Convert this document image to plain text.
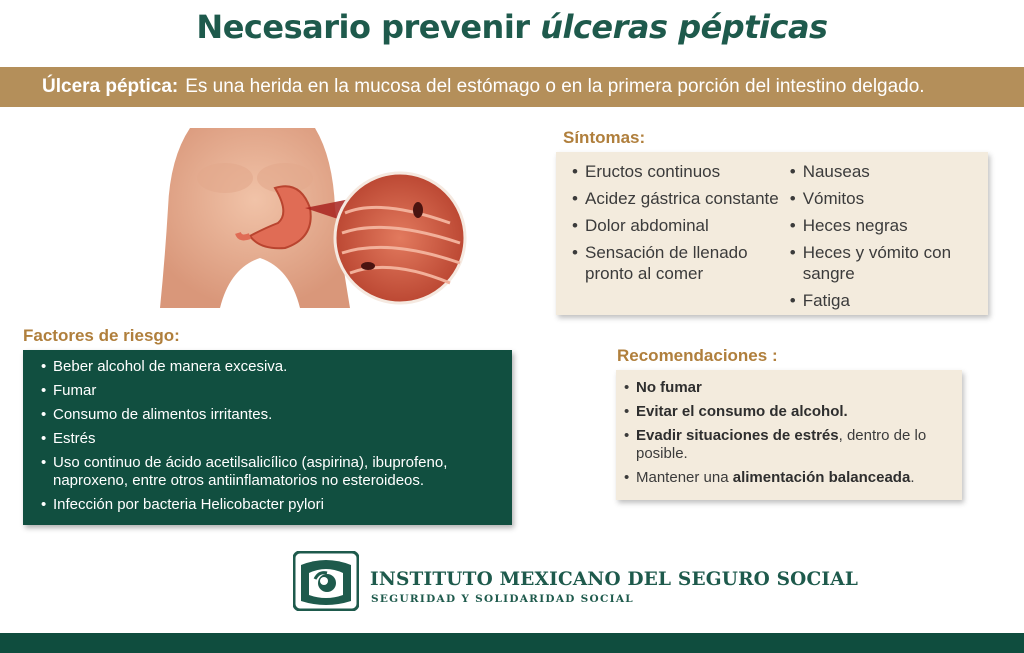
Necesario prevenir úlceras pépticas
Úlcera péptica: Es una herida en la mucosa del estómago o en la primera porción del intestino delgado.
Síntomas:
• Eructos continuos
• Acidez gástrica constante
• Dolor abdominal
• Sensación de llenado pronto al comer
• Nauseas
• Vómitos
• Heces negras
• Heces y vómito con sangre
• Fatiga
Factores de riesgo:
• Beber alcohol de manera excesiva.
• Fumar
• Consumo de alimentos irritantes.
• Estrés
• Uso continuo de ácido acetilsalicílico (aspirina), ibuprofeno, naproxeno, entre otros antiinflamatorios no esteroideos.
• Infección por bacteria Helicobacter pylori
Recomendaciones :
• No fumar
• Evitar el consumo de alcohol.
• Evadir situaciones de estrés, dentro de lo posible.
• Mantener una alimentación balanceada.
INSTITUTO MEXICANO DEL SEGURO SOCIAL
SEGURIDAD Y SOLIDARIDAD SOCIAL
